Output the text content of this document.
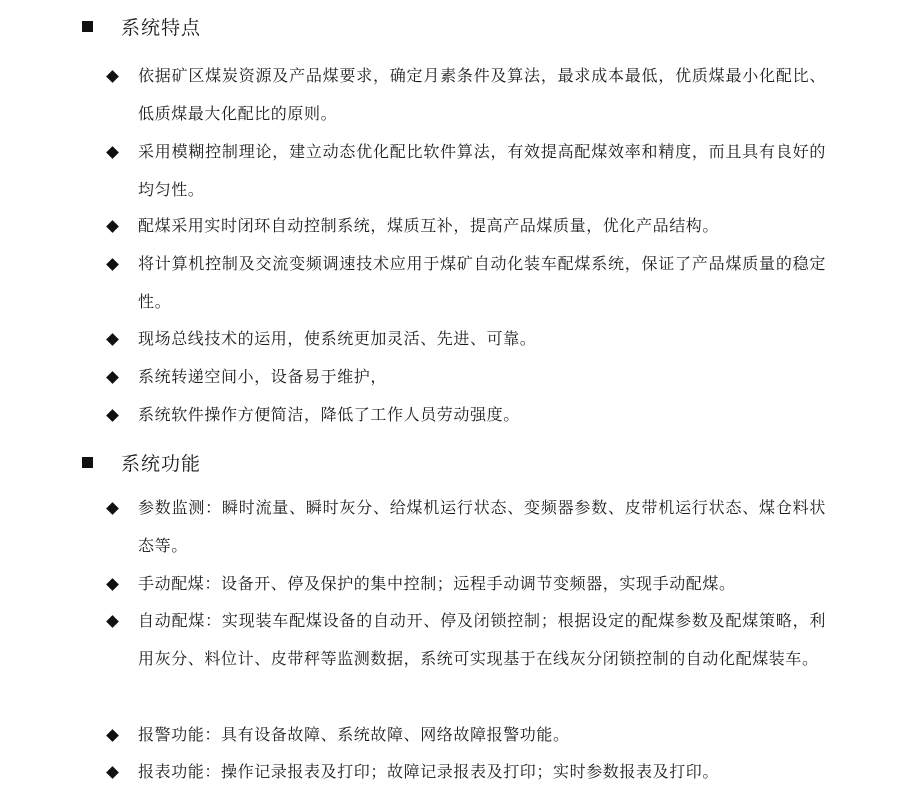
系统特点
依据矿区煤炭资源及产品煤要求，确定月素条件及算法，最求成本最低，优质煤最小化配比、低质煤最大化配比的原则。
采用模糊控制理论，建立动态优化配比软件算法，有效提高配煤效率和精度，而且具有良好的均匀性。
配煤采用实时闭环自动控制系统，煤质互补，提高产品煤质量，优化产品结构。
将计算机控制及交流变频调速技术应用于煤矿自动化装车配煤系统，保证了产品煤质量的稳定性。
现场总线技术的运用，使系统更加灵活、先进、可靠。
系统转递空间小，设备易于维护，
系统软件操作方便简洁，降低了工作人员劳动强度。
系统功能
参数监测：瞬时流量、瞬时灰分、给煤机运行状态、变频器参数、皮带机运行状态、煤仓料状态等。
手动配煤：设备开、停及保护的集中控制；远程手动调节变频器，实现手动配煤。
自动配煤：实现装车配煤设备的自动开、停及闭锁控制；根据设定的配煤参数及配煤策略，利用灰分、料位计、皮带秤等监测数据，系统可实现基于在线灰分闭锁控制的自动化配煤装车。
报警功能：具有设备故障、系统故障、网络故障报警功能。
报表功能：操作记录报表及打印；故障记录报表及打印；实时参数报表及打印。
